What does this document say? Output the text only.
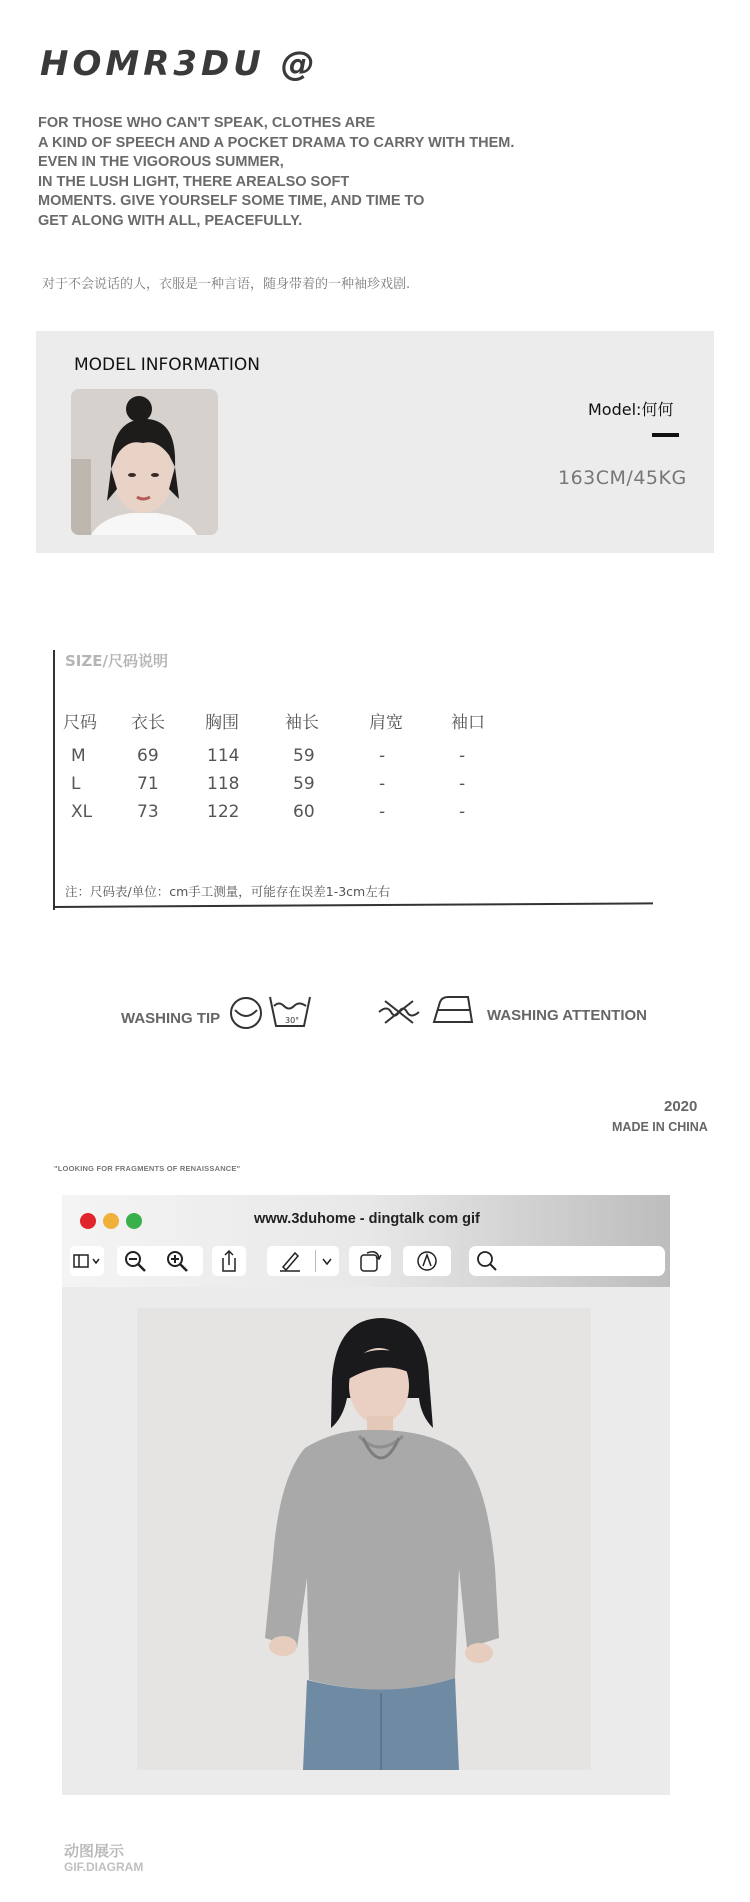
HOMR3DU @
FOR THOSE WHO CAN'T SPEAK, CLOTHES ARE
A KIND OF SPEECH AND A POCKET DRAMA TO CARRY WITH THEM.
EVEN IN THE VIGOROUS SUMMER,
IN THE LUSH LIGHT, THERE AREALSO SOFT
MOMENTS. GIVE YOURSELF SOME TIME, AND TIME TO
GET ALONG WITH ALL, PEACEFULLY.
对于不会说话的人，衣服是一种言语，随身带着的一种袖珍戏剧.
MODEL INFORMATION
Model:何何
163CM/45KG
SIZE/尺码说明
尺码	衣长	胸围	袖长	肩宽	袖口

M	69	114	59	-	-
L	71	118	59	-	-
XL	73	122	60	-	-
注：尺码表/单位：cm手工测量，可能存在误差1-3cm左右
WASHING TIP	30°	WASHING ATTENTION
2020
MADE IN CHINA
"LOOKING FOR FRAGMENTS OF RENAISSANCE"
www.3duhome - dingtalk com gif
动图展示
GIF.DIAGRAM
